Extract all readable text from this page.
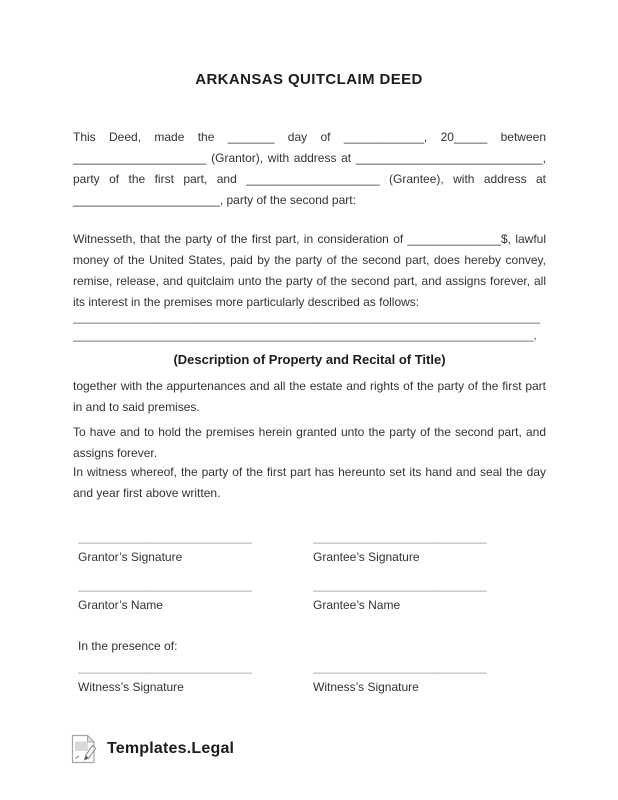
ARKANSAS QUITCLAIM DEED
This Deed, made the _______ day of ____________, 20_____ between
____________________ (Grantor), with address at ____________________________,
party of the first part, and ____________________ (Grantee), with address at
______________________, party of the second part:
Witnesseth, that the party of the first part, in consideration of ______________$, lawful
money of the United States, paid by the party of the second part, does hereby convey,
remise, release, and quitclaim unto the party of the second part, and assigns forever, all
its interest in the premises more particularly described as follows:
______________________________________________________________________
_____________________________________________________________________,
(Description of Property and Recital of Title)
together with the appurtenances and all the estate and rights of the party of the first part
in and to said premises.
To have and to hold the premises herein granted unto the party of the second part, and
assigns forever.
In witness whereof, the party of the first part has hereunto set its hand and seal the day
and year first above written.
__________________________
Grantor’s Signature
__________________________
Grantee’s Signature
__________________________
Grantor’s Name
__________________________
Grantee’s Name
In the presence of:
__________________________
Witness’s Signature
__________________________
Witness’s Signature
Templates.Legal
